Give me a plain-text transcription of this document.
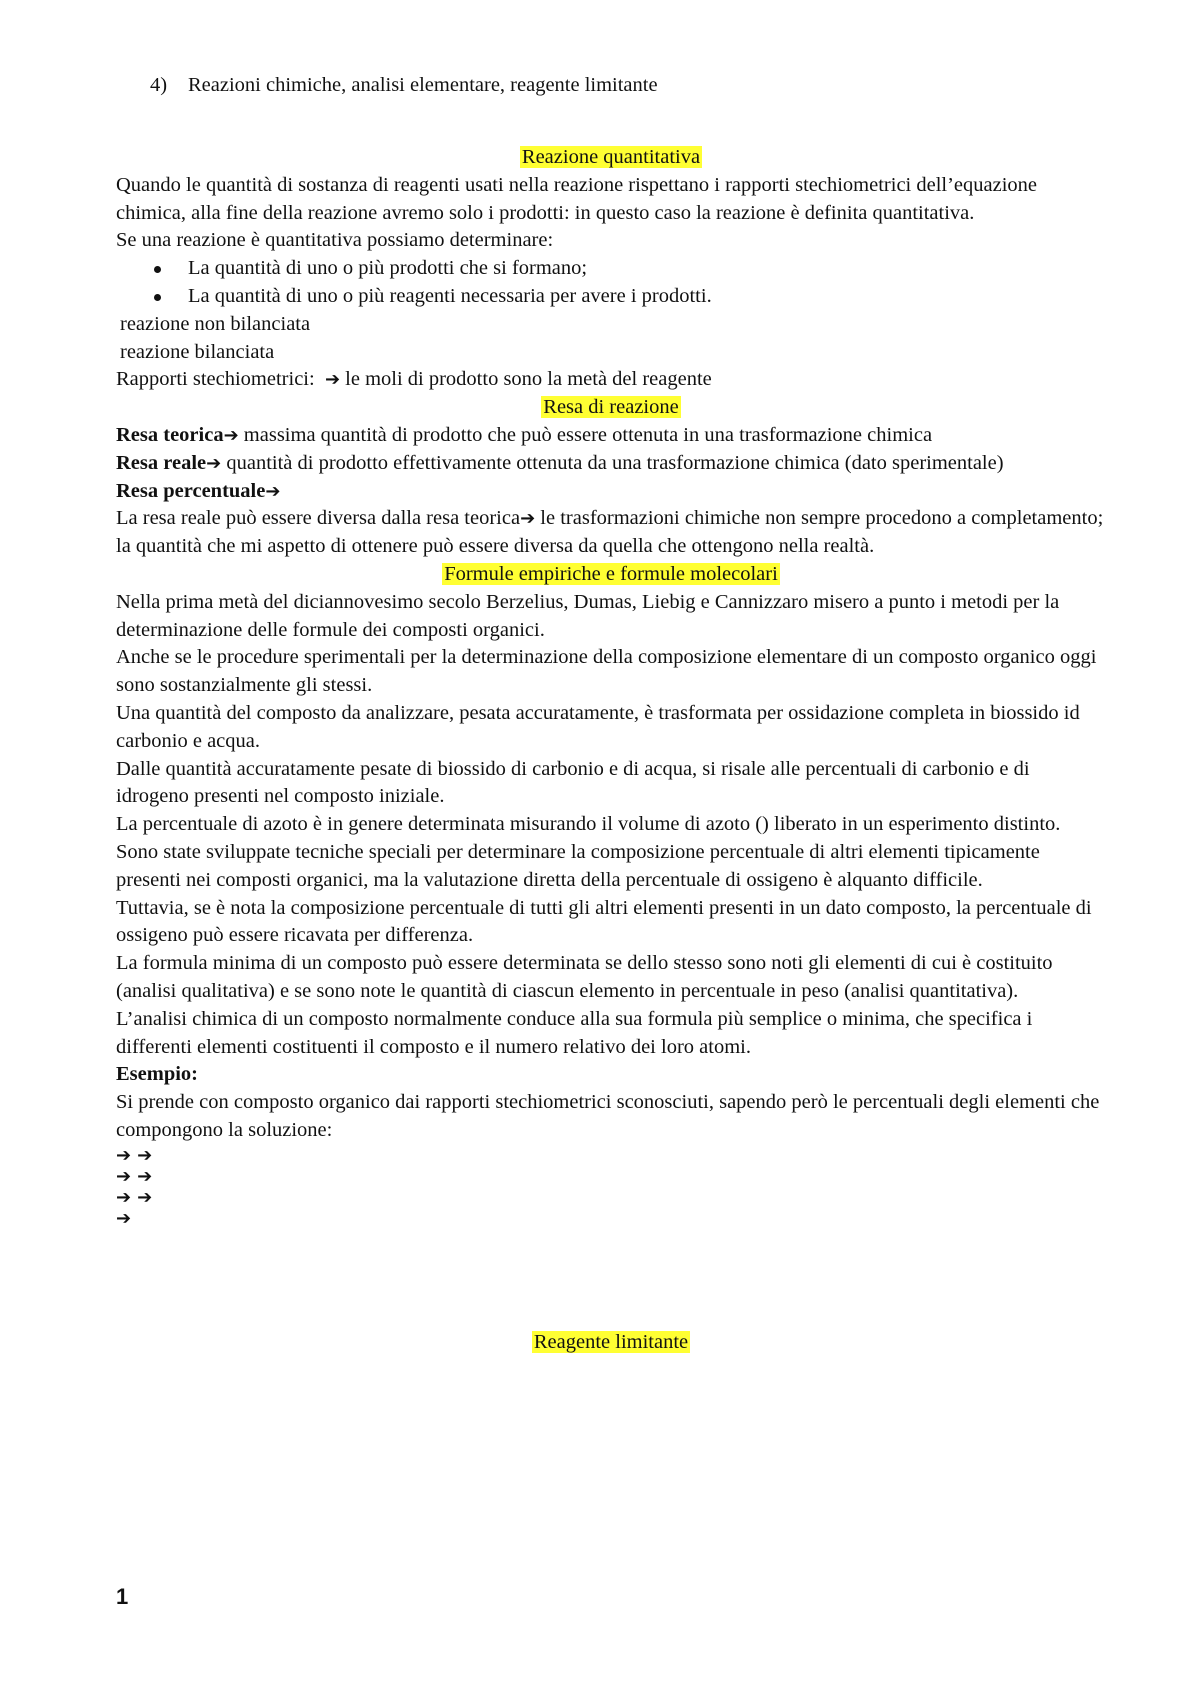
4) Reazioni chimiche, analisi elementare, reagente limitante

Reazione quantitativa

Quando le quantità di sostanza di reagenti usati nella reazione rispettano i rapporti stechiometrici dell’equazione chimica, alla fine della reazione avremo solo i prodotti: in questo caso la reazione è definita quantitativa.

Se una reazione è quantitativa possiamo determinare:

La quantità di uno o più prodotti che si formano;

La quantità di uno o più reagenti necessaria per avere i prodotti.

reazione non bilanciata

reazione bilanciata

Rapporti stechiometrici: ➔ le moli di prodotto sono la metà del reagente

Resa di reazione

Resa teorica➔ massima quantità di prodotto che può essere ottenuta in una trasformazione chimica

Resa reale➔ quantità di prodotto effettivamente ottenuta da una trasformazione chimica (dato sperimentale)

Resa percentuale➔

La resa reale può essere diversa dalla resa teorica➔ le trasformazioni chimiche non sempre procedono a completamento; la quantità che mi aspetto di ottenere può essere diversa da quella che ottengono nella realtà.

Formule empiriche e formule molecolari

Nella prima metà del diciannovesimo secolo Berzelius, Dumas, Liebig e Cannizzaro misero a punto i metodi per la determinazione delle formule dei composti organici.

Anche se le procedure sperimentali per la determinazione della composizione elementare di un composto organico oggi sono sostanzialmente gli stessi.

Una quantità del composto da analizzare, pesata accuratamente, è trasformata per ossidazione completa in biossido id carbonio e acqua.

Dalle quantità accuratamente pesate di biossido di carbonio e di acqua, si risale alle percentuali di carbonio e di idrogeno presenti nel composto iniziale.

La percentuale di azoto è in genere determinata misurando il volume di azoto () liberato in un esperimento distinto.

Sono state sviluppate tecniche speciali per determinare la composizione percentuale di altri elementi tipicamente presenti nei composti organici, ma la valutazione diretta della percentuale di ossigeno è alquanto difficile.

Tuttavia, se è nota la composizione percentuale di tutti gli altri elementi presenti in un dato composto, la percentuale di ossigeno può essere ricavata per differenza.

La formula minima di un composto può essere determinata se dello stesso sono noti gli elementi di cui è costituito (analisi qualitativa) e se sono note le quantità di ciascun elemento in percentuale in peso (analisi quantitativa).

L’analisi chimica di un composto normalmente conduce alla sua formula più semplice o minima, che specifica i differenti elementi costituenti il composto e il numero relativo dei loro atomi.

Esempio:

Si prende con composto organico dai rapporti stechiometrici sconosciuti, sapendo però le percentuali degli elementi che compongono la soluzione:

➔ ➔
➔ ➔
➔ ➔
➔

Reagente limitante

1
